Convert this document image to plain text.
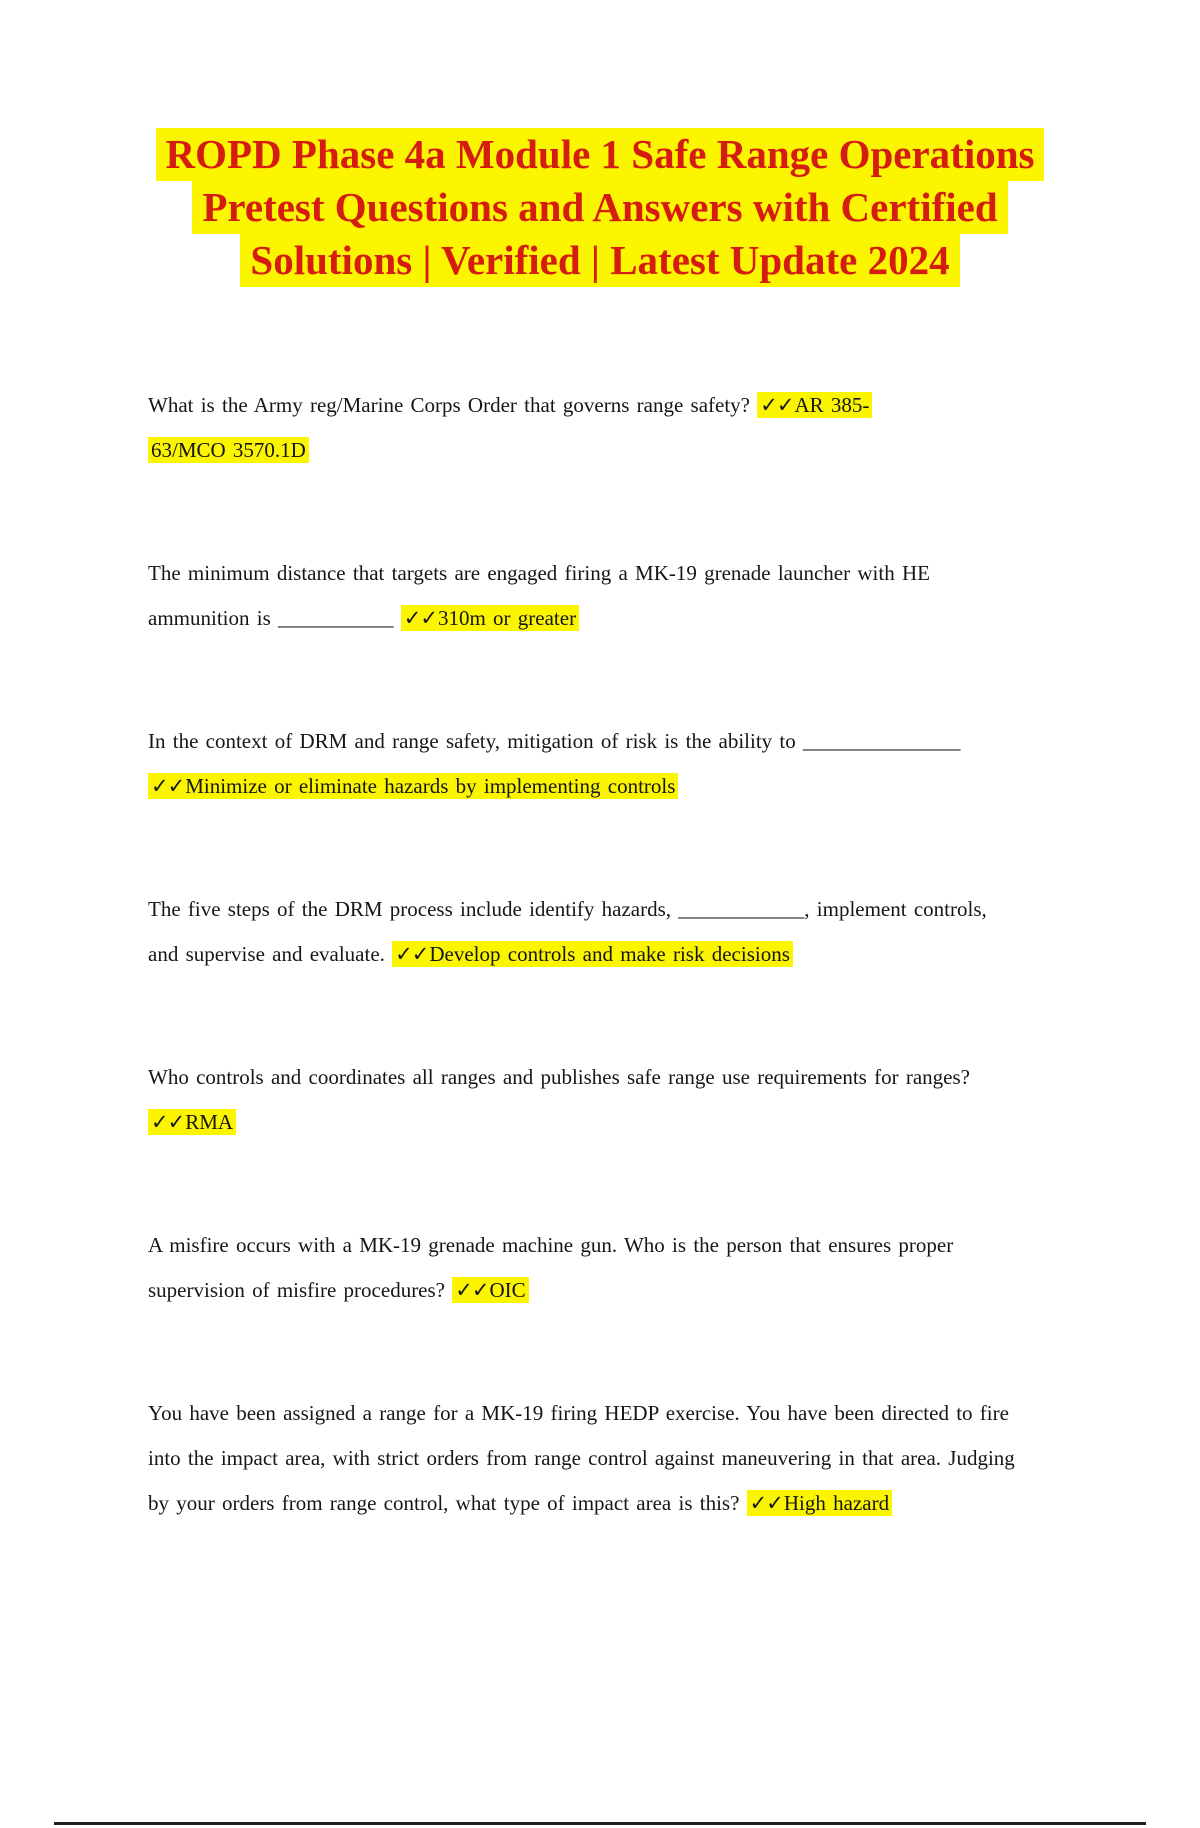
ROPD Phase 4a Module 1 Safe Range Operations
Pretest Questions and Answers with Certified
Solutions | Verified | Latest Update 2024

What is the Army reg/Marine Corps Order that governs range safety? ✓✓AR 385-
63/MCO 3570.1D

The minimum distance that targets are engaged firing a MK-19 grenade launcher with HE
ammunition is ___________ ✓✓310m or greater

In the context of DRM and range safety, mitigation of risk is the ability to _______________
✓✓Minimize or eliminate hazards by implementing controls

The five steps of the DRM process include identify hazards, ____________, implement controls,
and supervise and evaluate. ✓✓Develop controls and make risk decisions

Who controls and coordinates all ranges and publishes safe range use requirements for ranges?
✓✓RMA

A misfire occurs with a MK-19 grenade machine gun. Who is the person that ensures proper
supervision of misfire procedures? ✓✓OIC

You have been assigned a range for a MK-19 firing HEDP exercise. You have been directed to fire
into the impact area, with strict orders from range control against maneuvering in that area. Judging
by your orders from range control, what type of impact area is this? ✓✓High hazard
